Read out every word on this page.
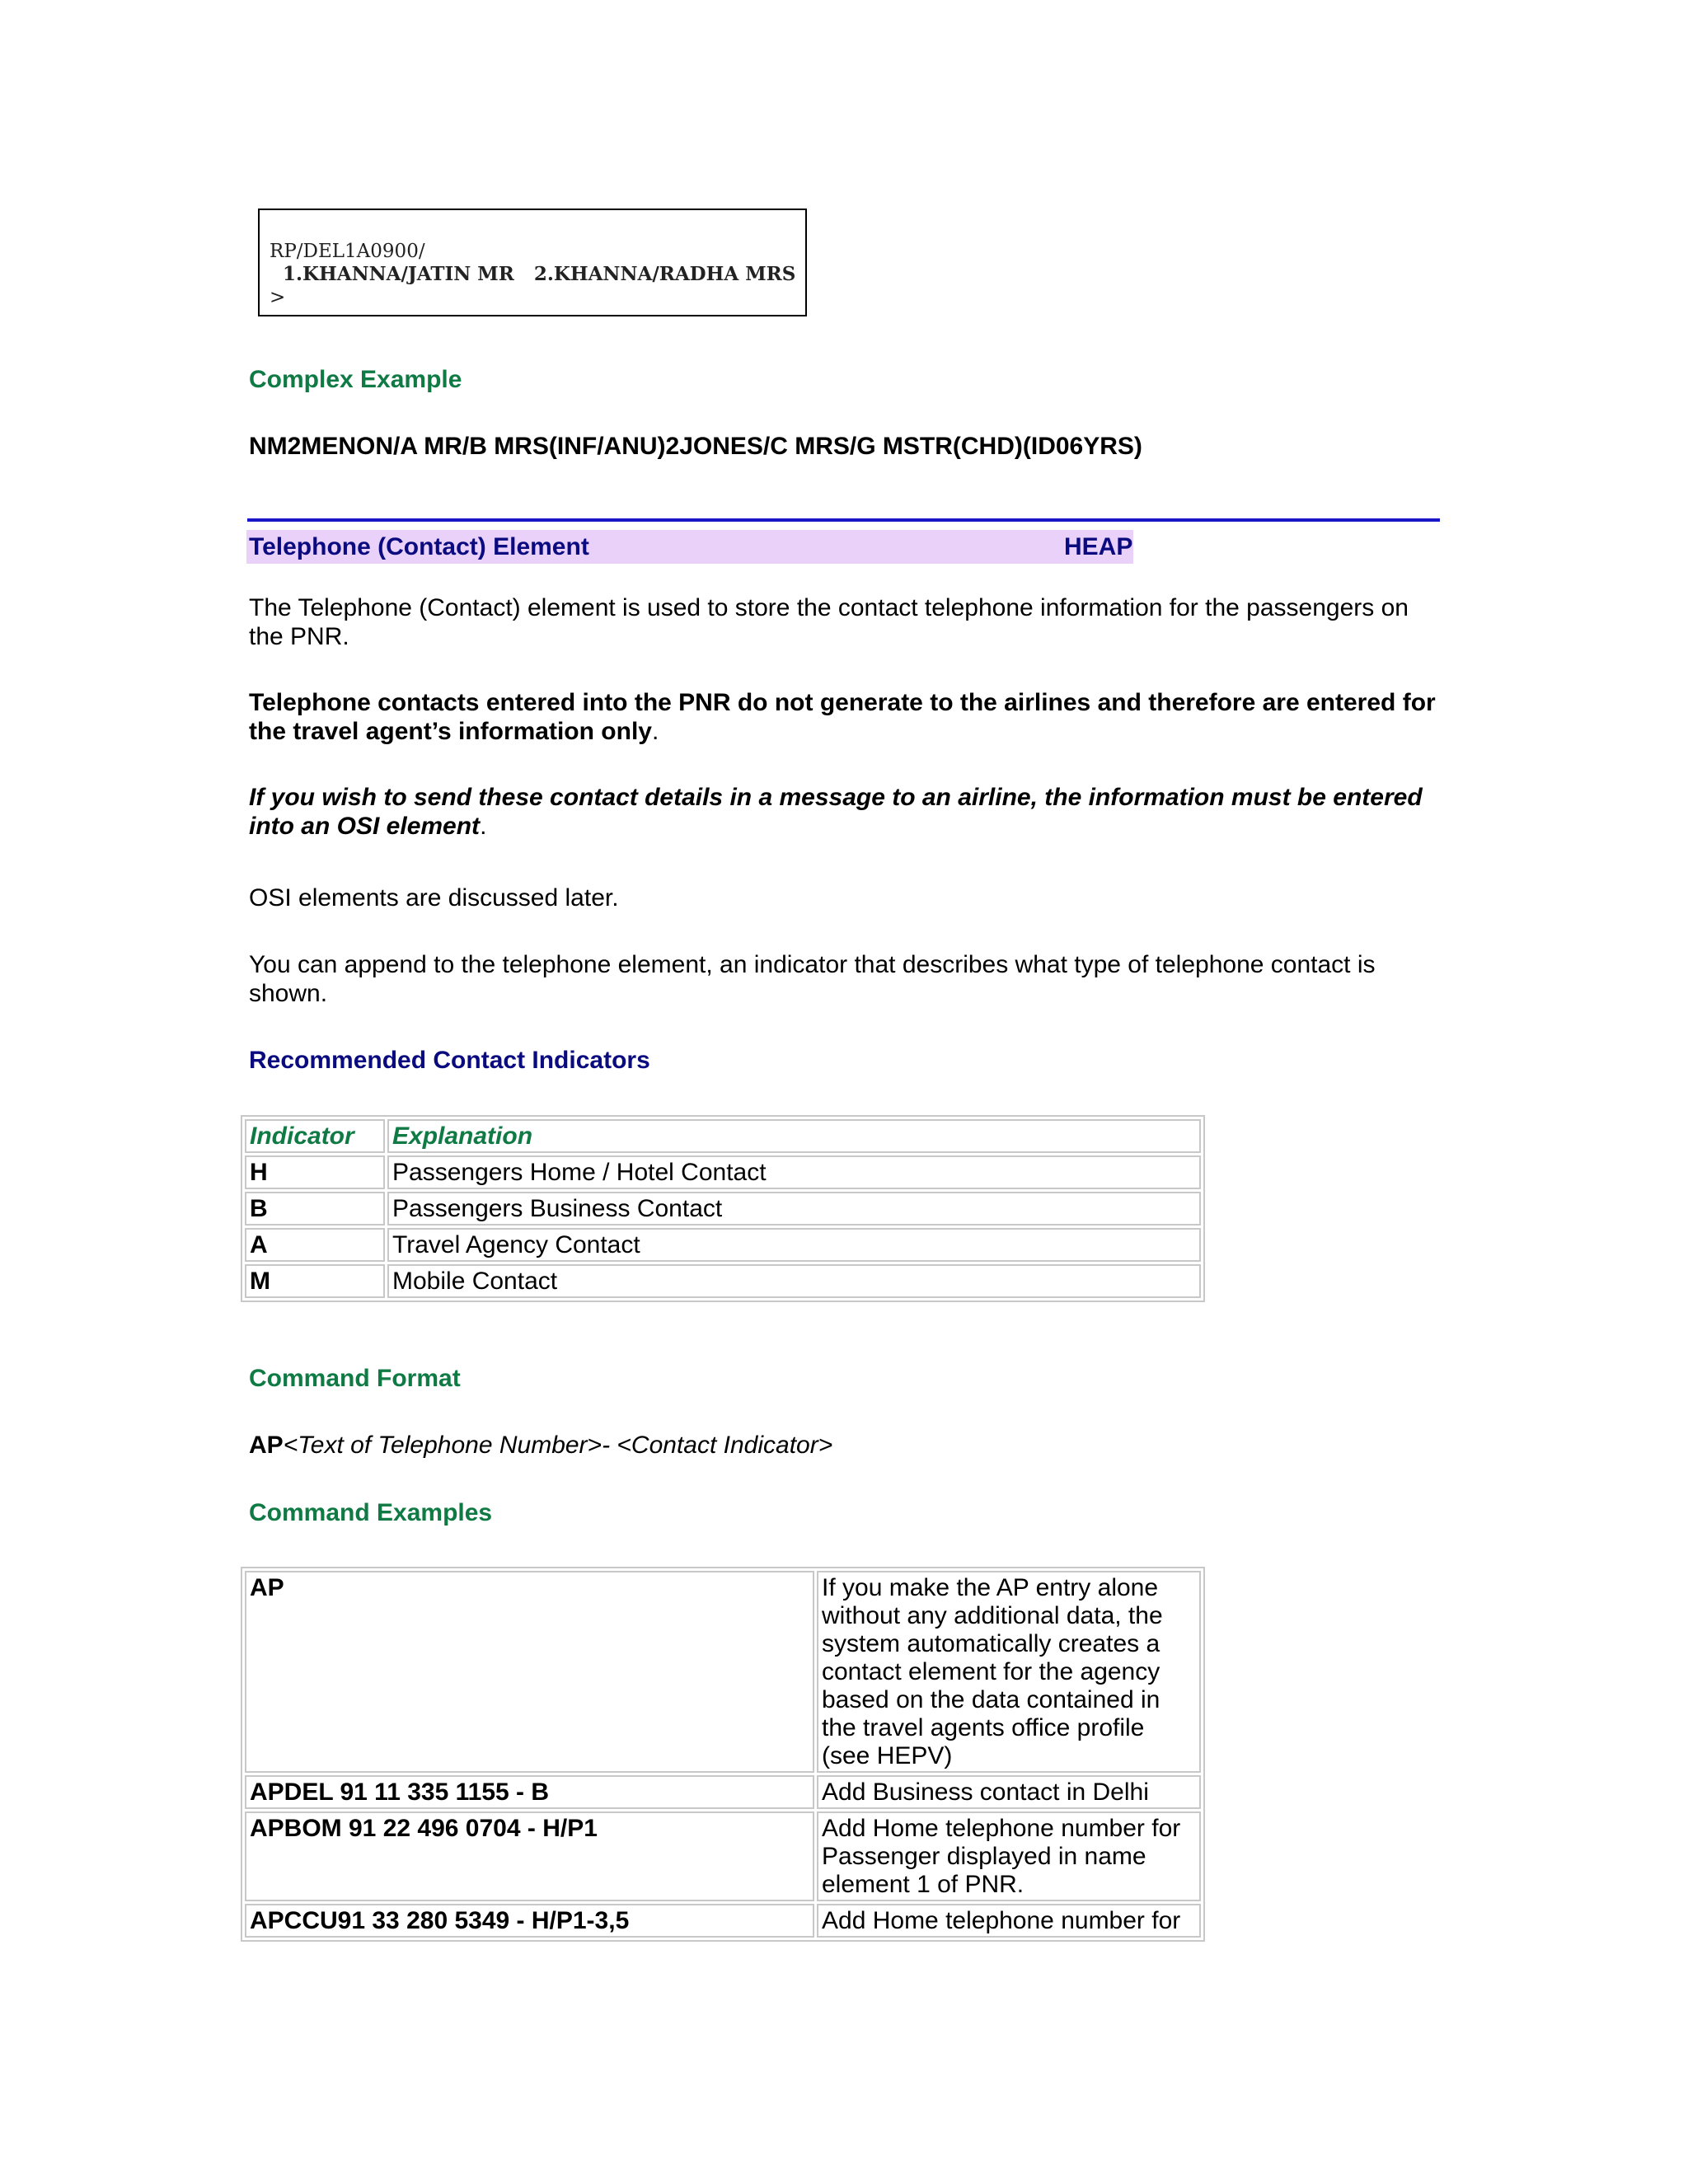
RP/DEL1A0900/
1.KHANNA/JATIN MR   2.KHANNA/RADHA MRS
>
Complex Example
NM2MENON/A MR/B MRS(INF/ANU)2JONES/C MRS/G MSTR(CHD)(ID06YRS)
Telephone (Contact) Element	HEAP
The Telephone (Contact) element is used to store the contact telephone information for the passengers on the PNR.
Telephone contacts entered into the PNR do not generate to the airlines and therefore are entered for the travel agent’s information only.
If you wish to send these contact details in a message to an airline, the information must be entered into an OSI element.
OSI elements are discussed later.
You can append to the telephone element, an indicator that describes what type of telephone contact is shown.
Recommended Contact Indicators
Indicator	Explanation
H	Passengers Home / Hotel Contact
B	Passengers Business Contact
A	Travel Agency Contact
M	Mobile Contact
Command Format
AP<Text of Telephone Number>- <Contact Indicator>
Command Examples
AP	If you make the AP entry alone without any additional data, the system automatically creates a contact element for the agency based on the data contained in the travel agents office profile (see HEPV)
APDEL 91 11 335 1155 - B	Add Business contact in Delhi
APBOM 91 22 496 0704 - H/P1	Add Home telephone number for Passenger displayed in name element 1 of PNR.
APCCU91 33 280 5349 - H/P1-3,5	Add Home telephone number for
